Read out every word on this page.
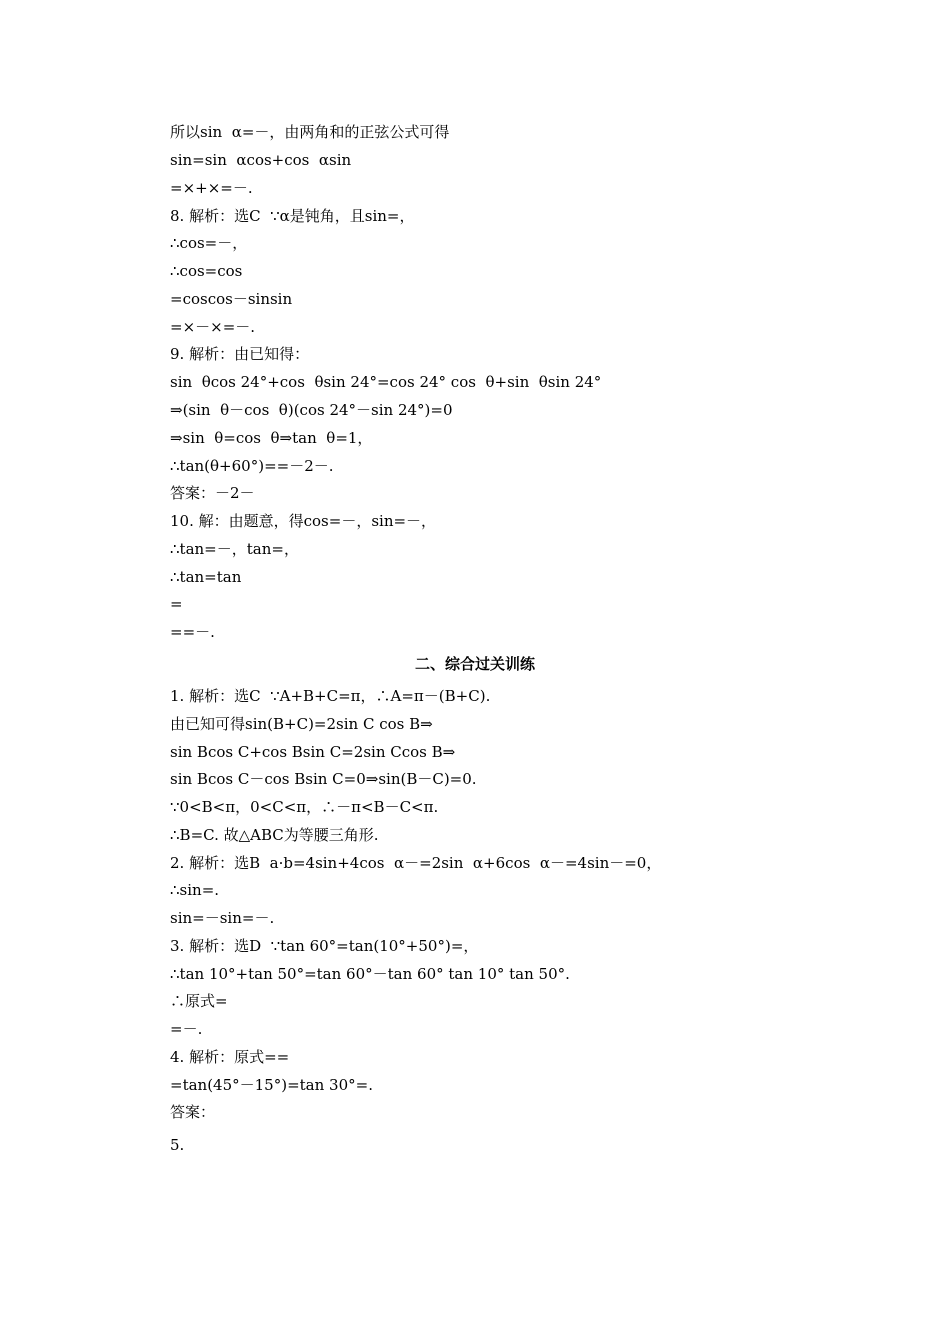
所以sin  α=－，由两角和的正弦公式可得
sin=sin  αcos+cos  αsin
=×+×=－.
8. 解析：选C  ∵α是钝角，且sin=，
∴cos=－，
∴cos=cos
=coscos－sinsin
=×－×=－.
9. 解析：由已知得：
sin  θcos 24°+cos  θsin 24°=cos 24° cos  θ+sin  θsin 24°
⇒(sin  θ－cos  θ)(cos 24°－sin 24°)=0
⇒sin  θ=cos  θ⇒tan  θ=1，
∴tan(θ+60°)==－2－.
答案：－2－
10. 解：由题意，得cos=－，sin=－，
∴tan=－，tan=，
∴tan=tan
=
==－.
二、综合过关训练
1. 解析：选C  ∵A+B+C=π，∴A=π－(B+C).
由已知可得sin(B+C)=2sin C cos B⇒
sin Bcos C+cos Bsin C=2sin Ccos B⇒
sin Bcos C－cos Bsin C=0⇒sin(B－C)=0.
∵0<B<π，0<C<π，∴－π<B－C<π.
∴B=C. 故△ABC为等腰三角形.
2. 解析：选B  a·b=4sin+4cos  α－=2sin  α+6cos  α－=4sin－=0，
∴sin=.
sin=－sin=－.
3. 解析：选D  ∵tan 60°=tan(10°+50°)=，
∴tan 10°+tan 50°=tan 60°－tan 60° tan 10° tan 50°.
∴原式=
=－.
4. 解析：原式==
=tan(45°－15°)=tan 30°=.
答案：
5.
